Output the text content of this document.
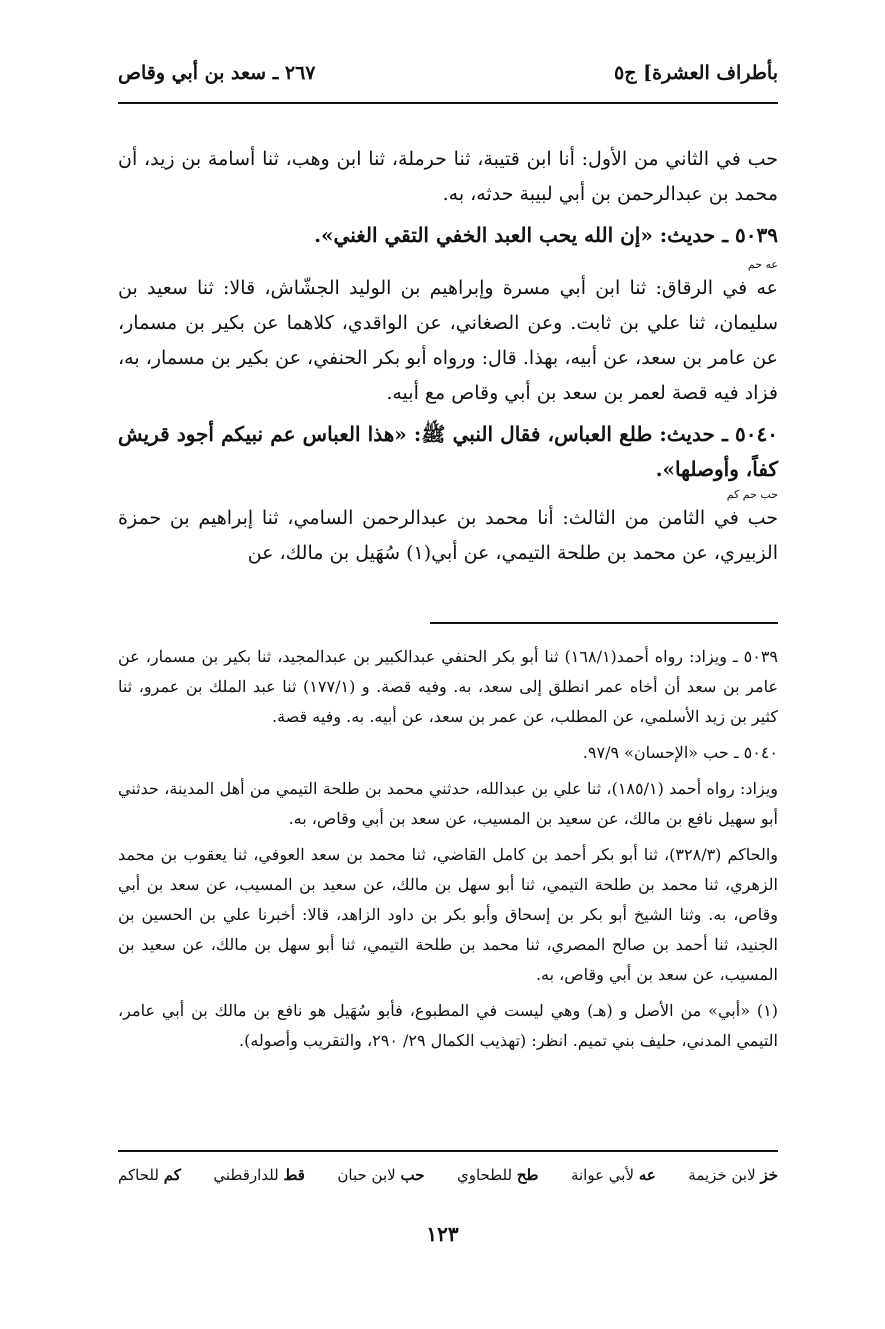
بأطراف العشرة] ج٥
٢٦٧ ـ سعد بن أبي وقاص

حب في الثاني من الأول: أنا ابن قتيبة، ثنا حرملة، ثنا ابن وهب، ثنا أسامة بن زيد، أن محمد بن عبدالرحمن بن أبي لبيبة حدثه، به.

٥٠٣٩ ـ حديث: «إن الله يحب العبد الخفي التقي الغني».

عه حم

عه في الرقاق: ثنا ابن أبي مسرة وإبراهيم بن الوليد الجشّاش، قالا: ثنا سعيد بن سليمان، ثنا علي بن ثابت. وعن الصغاني، عن الواقدي، كلاهما عن بكير بن مسمار، عن عامر بن سعد، عن أبيه، بهذا. قال: ورواه أبو بكر الحنفي، عن بكير بن مسمار، به، فزاد فيه قصة لعمر بن سعد بن أبي وقاص مع أبيه.

٥٠٤٠ ـ حديث: طلع العباس، فقال النبي ﷺ: «هذا العباس عم نبيكم أجود قريش كفاً، وأوصلها».

حب حم كم

حب في الثامن من الثالث: أنا محمد بن عبدالرحمن السامي، ثنا إبراهيم بن حمزة الزبيري، عن محمد بن طلحة التيمي، عن أبي(١) سُهَيل بن مالك، عن

٥٠٣٩ ـ ويزاد: رواه أحمد(١٦٨/١) ثنا أبو بكر الحنفي عبدالكبير بن عبدالمجيد، ثنا بكير بن مسمار، عن عامر بن سعد أن أخاه عمر انطلق إلى سعد، به. وفيه قصة. و (١٧٧/١) ثنا عبد الملك بن عمرو، ثنا كثير بن زيد الأسلمي، عن المطلب، عن عمر بن سعد، عن أبيه. به. وفيه قصة.

٥٠٤٠ ـ حب «الإحسان» ٩٧/٩.

ويزاد: رواه أحمد (١٨٥/١)، ثنا علي بن عبدالله، حدثني محمد بن طلحة التيمي من أهل المدينة، حدثني أبو سهيل نافع بن مالك، عن سعيد بن المسيب، عن سعد بن أبي وقاص، به.

والحاكم (٣٢٨/٣)، ثنا أبو بكر أحمد بن كامل القاضي، ثنا محمد بن سعد العوفي، ثنا يعقوب بن محمد الزهري، ثنا محمد بن طلحة التيمي، ثنا أبو سهل بن مالك، عن سعيد بن المسيب، عن سعد بن أبي وقاص، به. وثنا الشيخ أبو بكر بن إسحاق وأبو بكر بن داود الزاهد، قالا: أخبرنا علي بن الحسين بن الجنيد، ثنا أحمد بن صالح المصري، ثنا محمد بن طلحة التيمي، ثنا أبو سهل بن مالك، عن سعيد بن المسيب، عن سعد بن أبي وقاص، به.

(١) «أبي» من الأصل و (هـ) وهي ليست في المطبوع، فأبو سُهَيل هو نافع بن مالك بن أبي عامر، التيمي المدني، حليف بني تميم. انظر: (تهذيب الكمال ٢٩/ ٢٩٠، والتقريب وأصوله).

خز لابن خزيمة
عه لأبي عوانة
طح للطحاوي
حب لابن حبان
قط للدارقطني
كم للحاكم
١٢٣
